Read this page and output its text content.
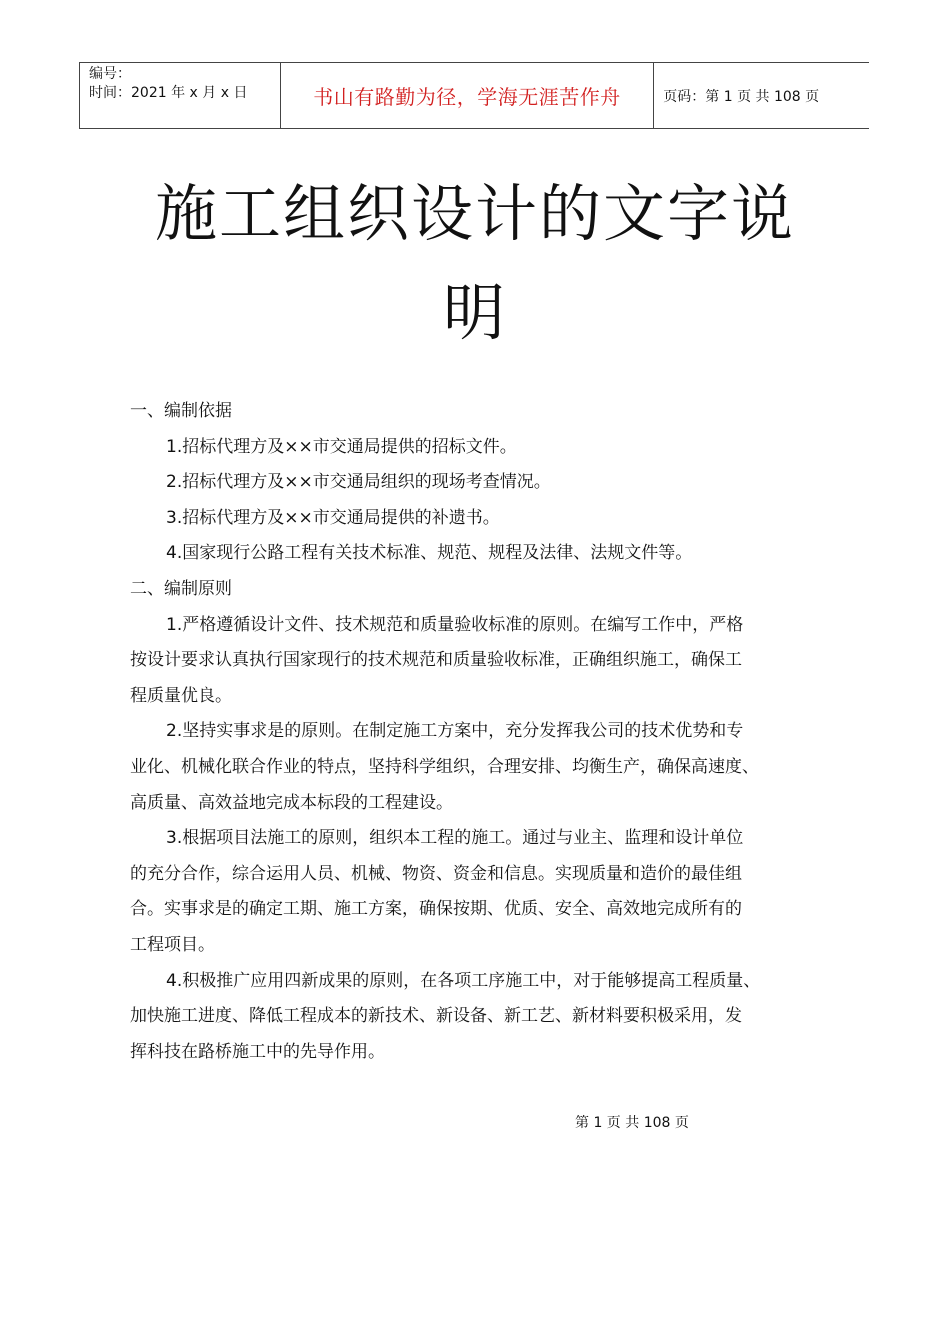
编号：
时间：2021 年 x 月 x 日	书山有路勤为径，学海无涯苦作舟	页码：第 1 页 共 108 页
施工组织设计的文字说
明
一、编制依据
1.招标代理方及××市交通局提供的招标文件。
2.招标代理方及××市交通局组织的现场考查情况。
3.招标代理方及××市交通局提供的补遗书。
4.国家现行公路工程有关技术标准、规范、规程及法律、法规文件等。
二、编制原则
1.严格遵循设计文件、技术规范和质量验收标准的原则。在编写工作中，严格
按设计要求认真执行国家现行的技术规范和质量验收标准，正确组织施工，确保工
程质量优良。
2.坚持实事求是的原则。在制定施工方案中，充分发挥我公司的技术优势和专
业化、机械化联合作业的特点，坚持科学组织，合理安排、均衡生产，确保高速度、
高质量、高效益地完成本标段的工程建设。
3.根据项目法施工的原则，组织本工程的施工。通过与业主、监理和设计单位
的充分合作，综合运用人员、机械、物资、资金和信息。实现质量和造价的最佳组
合。实事求是的确定工期、施工方案，确保按期、优质、安全、高效地完成所有的
工程项目。
4.积极推广应用四新成果的原则，在各项工序施工中，对于能够提高工程质量、
加快施工进度、降低工程成本的新技术、新设备、新工艺、新材料要积极采用，发
挥科技在路桥施工中的先导作用。
第 1 页 共 108 页
